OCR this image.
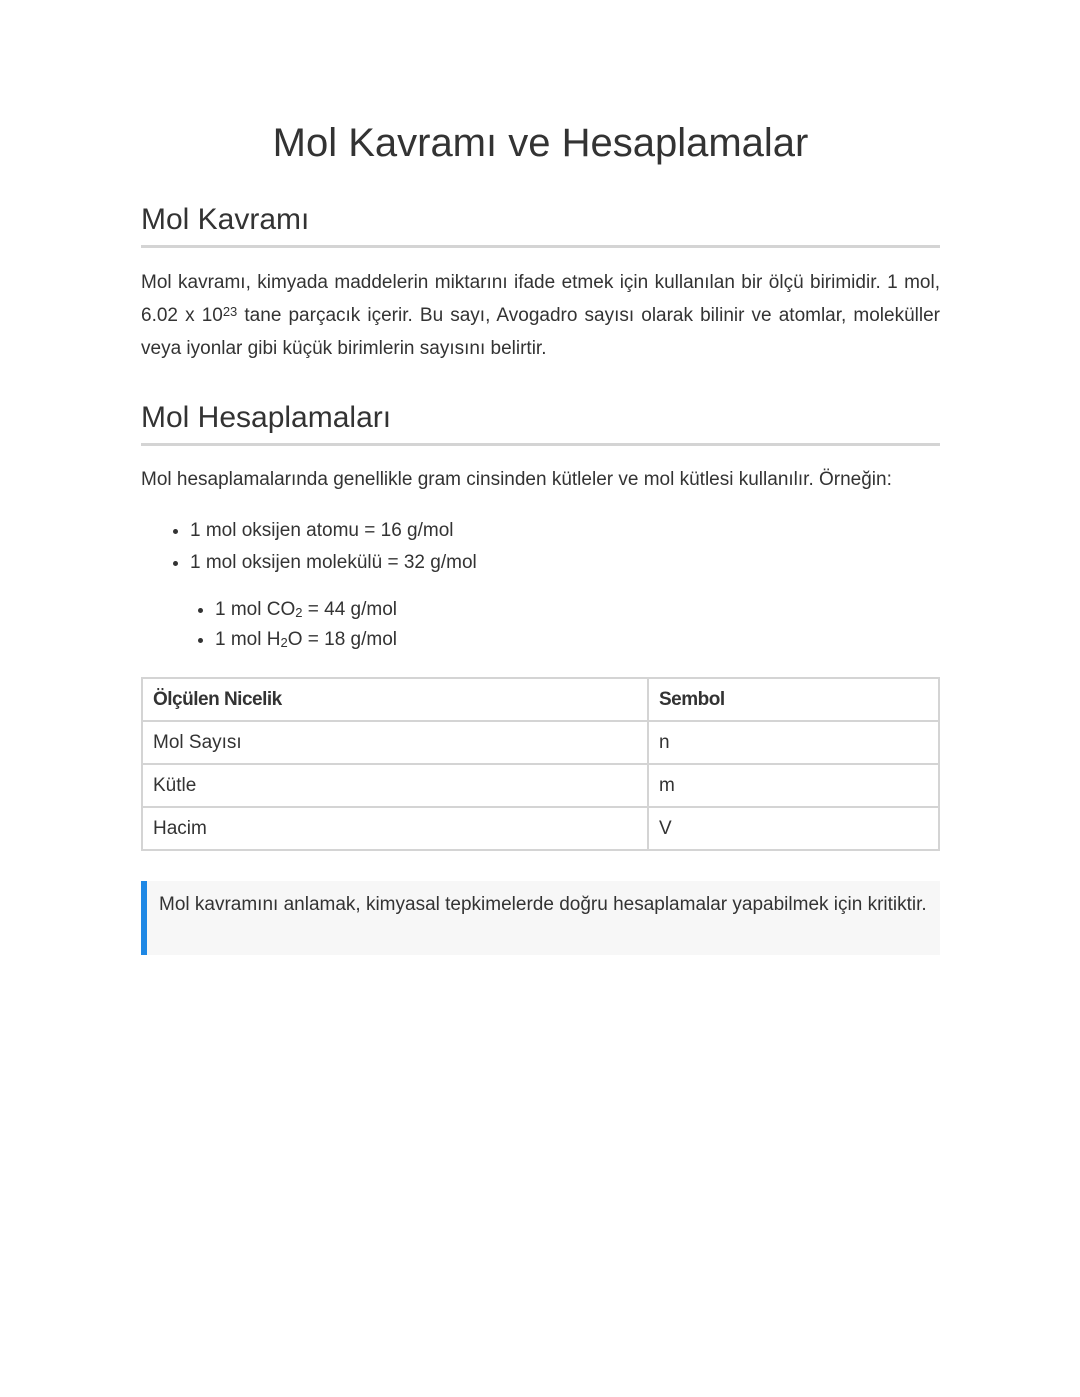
Mol Kavramı ve Hesaplamalar
Mol Kavramı

Mol kavramı, kimyada maddelerin miktarını ifade etmek için kullanılan bir ölçü birimidir. 1 mol, 6.02 x $10^{23}$ tane parçacık içerir. Bu sayı, Avogadro sayısı olarak bilinir ve atomlar, moleküller veya iyonlar gibi küçük birimlerin sayısını belirtir.

Mol Hesaplamaları

Mol hesaplamalarında genellikle gram cinsinden kütleler ve mol kütlesi kullanılır. Örneğin:

• 1 mol oksijen atomu = 16 g/mol
• 1 mol oksijen molekülü = 32 g/mol
• 1 mol $CO_2 = 44$ g/mol
• 1 mol $H_2O = 18$ g/mol
Ölçülen Nicelik	Sembol
Mol Sayısı	n
Kütle	m
Hacim	V
Mol kavramını anlamak, kimyasal tepkimelerde doğru hesaplamalar yapabilmek için kritiktir.
